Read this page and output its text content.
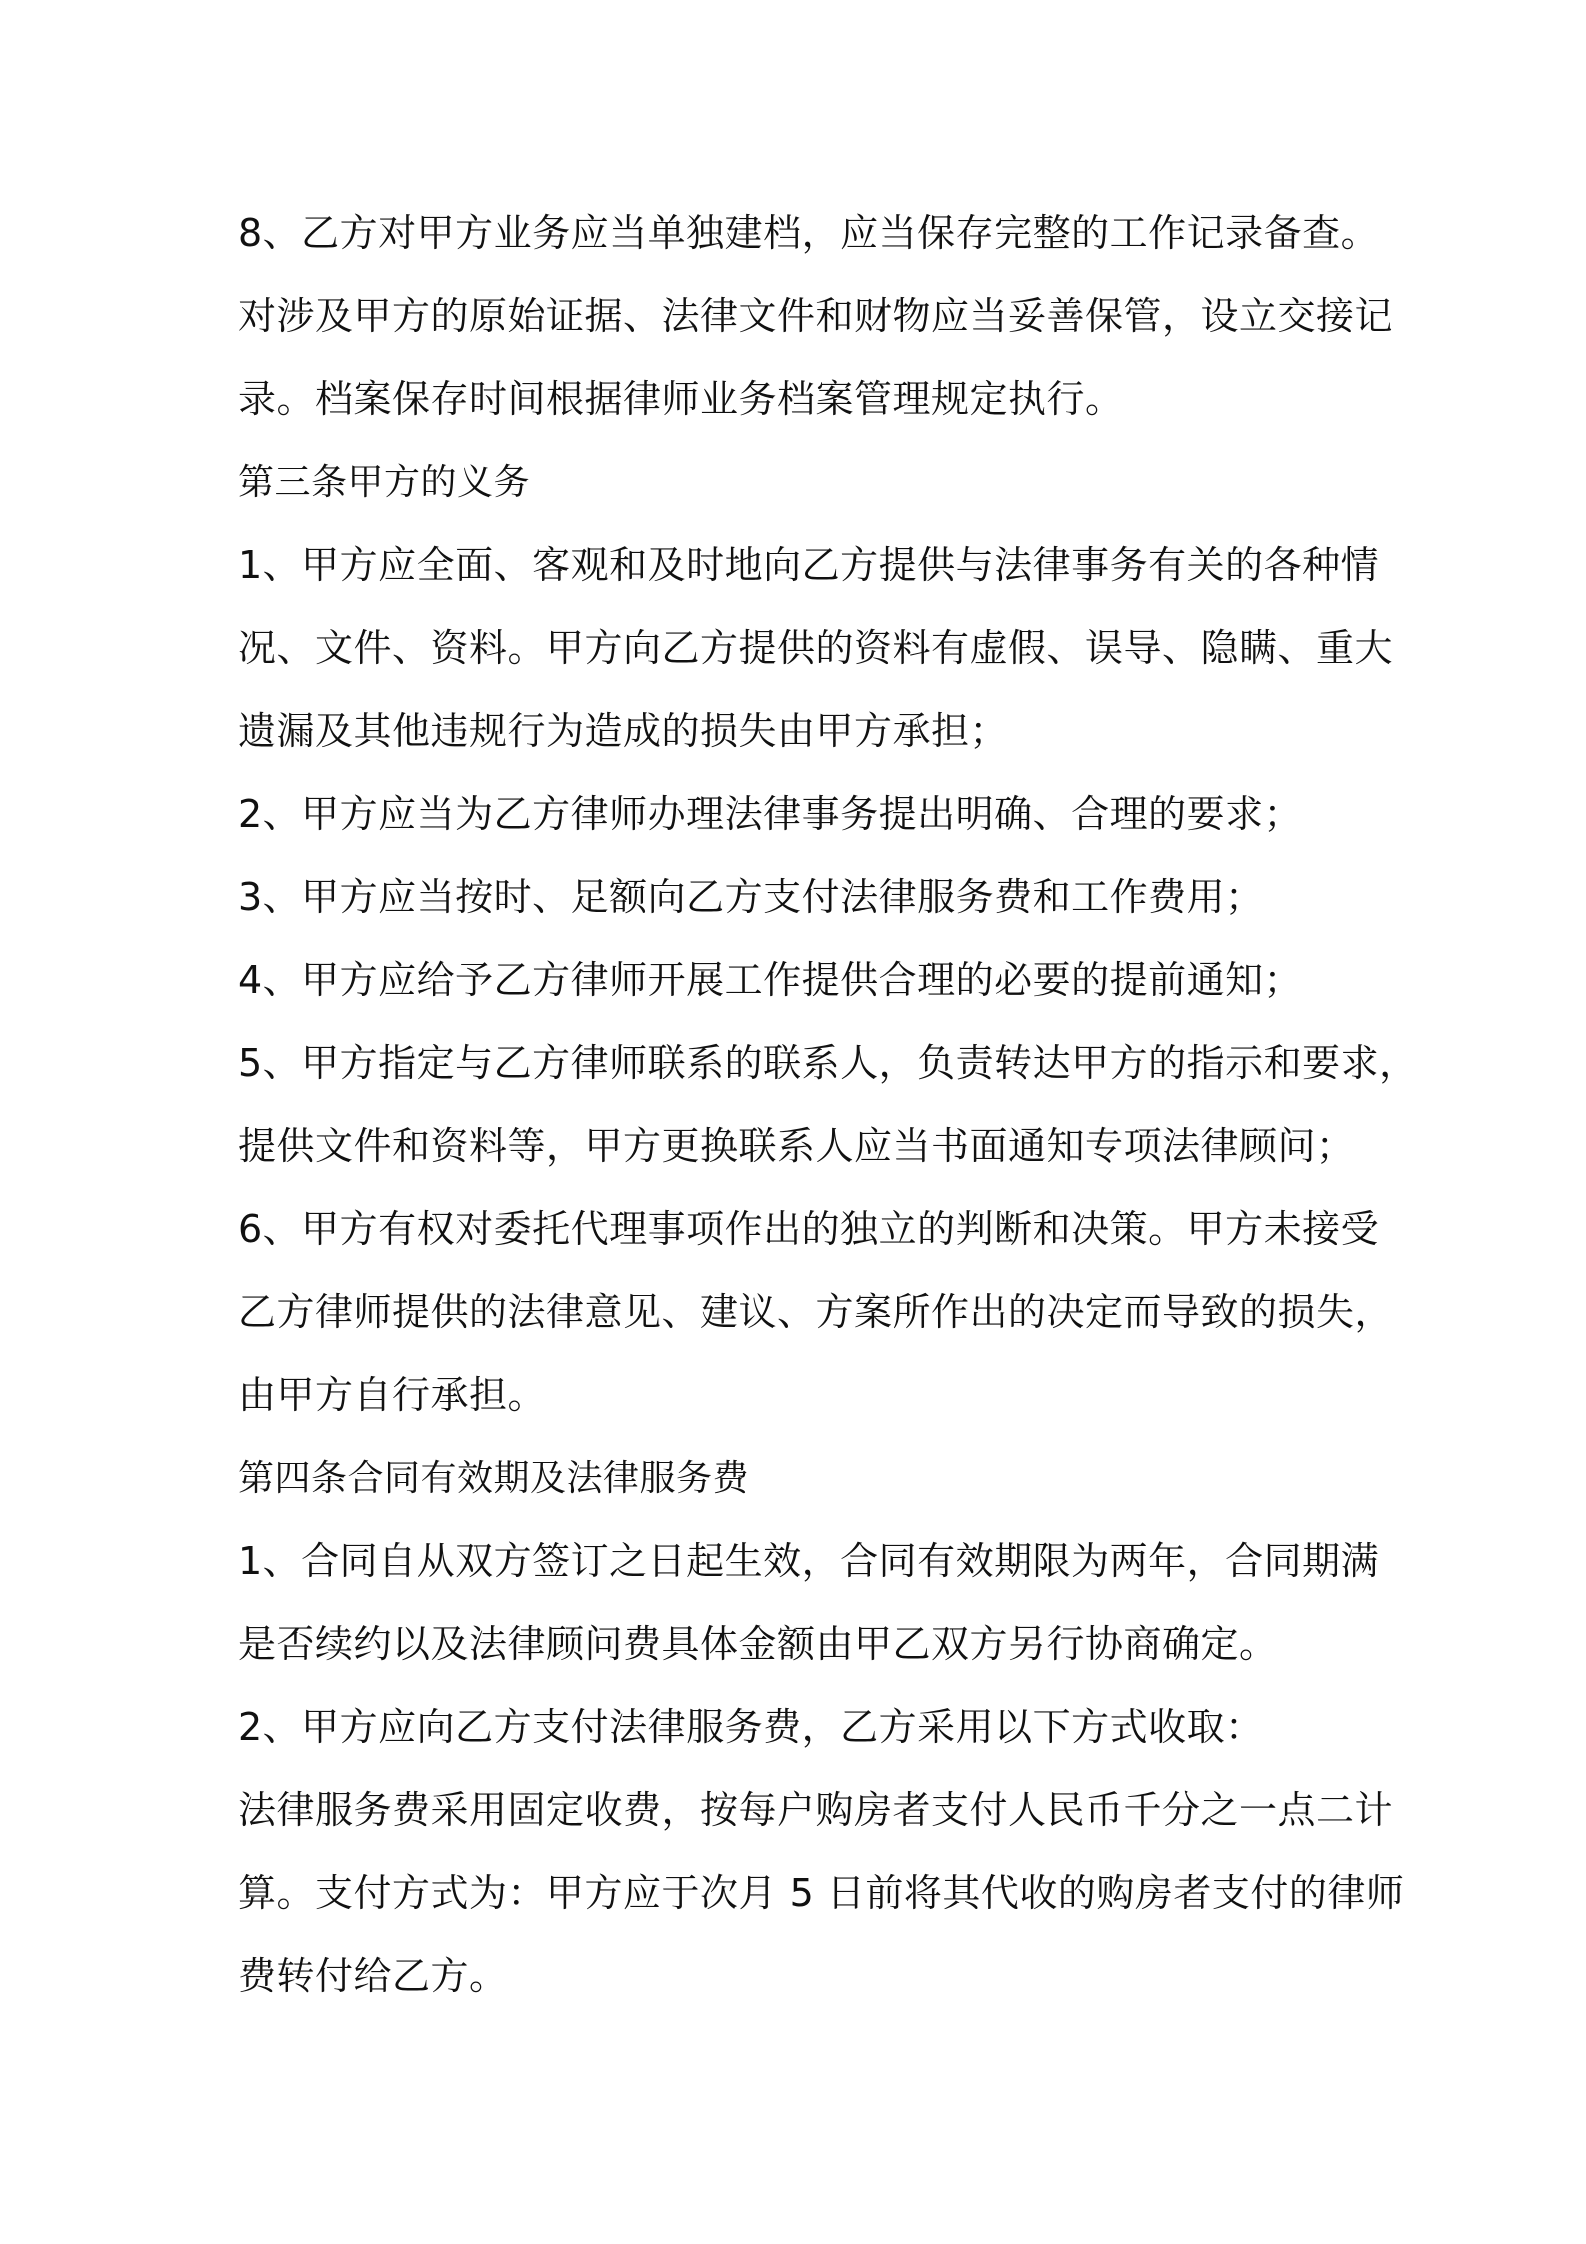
8、乙方对甲方业务应当单独建档，应当保存完整的工作记录备查。
对涉及甲方的原始证据、法律文件和财物应当妥善保管，设立交接记
录。档案保存时间根据律师业务档案管理规定执行。
第三条甲方的义务
1、甲方应全面、客观和及时地向乙方提供与法律事务有关的各种情
况、文件、资料。甲方向乙方提供的资料有虚假、误导、隐瞒、重大
遗漏及其他违规行为造成的损失由甲方承担；
2、甲方应当为乙方律师办理法律事务提出明确、合理的要求；
3、甲方应当按时、足额向乙方支付法律服务费和工作费用；
4、甲方应给予乙方律师开展工作提供合理的必要的提前通知；
5、甲方指定与乙方律师联系的联系人，负责转达甲方的指示和要求，
提供文件和资料等，甲方更换联系人应当书面通知专项法律顾问；
6、甲方有权对委托代理事项作出的独立的判断和决策。甲方未接受
乙方律师提供的法律意见、建议、方案所作出的决定而导致的损失，
由甲方自行承担。
第四条合同有效期及法律服务费
1、合同自从双方签订之日起生效，合同有效期限为两年，合同期满
是否续约以及法律顾问费具体金额由甲乙双方另行协商确定。
2、甲方应向乙方支付法律服务费，乙方采用以下方式收取：
法律服务费采用固定收费，按每户购房者支付人民币千分之一点二计
算。支付方式为：甲方应于次月 5 日前将其代收的购房者支付的律师
费转付给乙方。
